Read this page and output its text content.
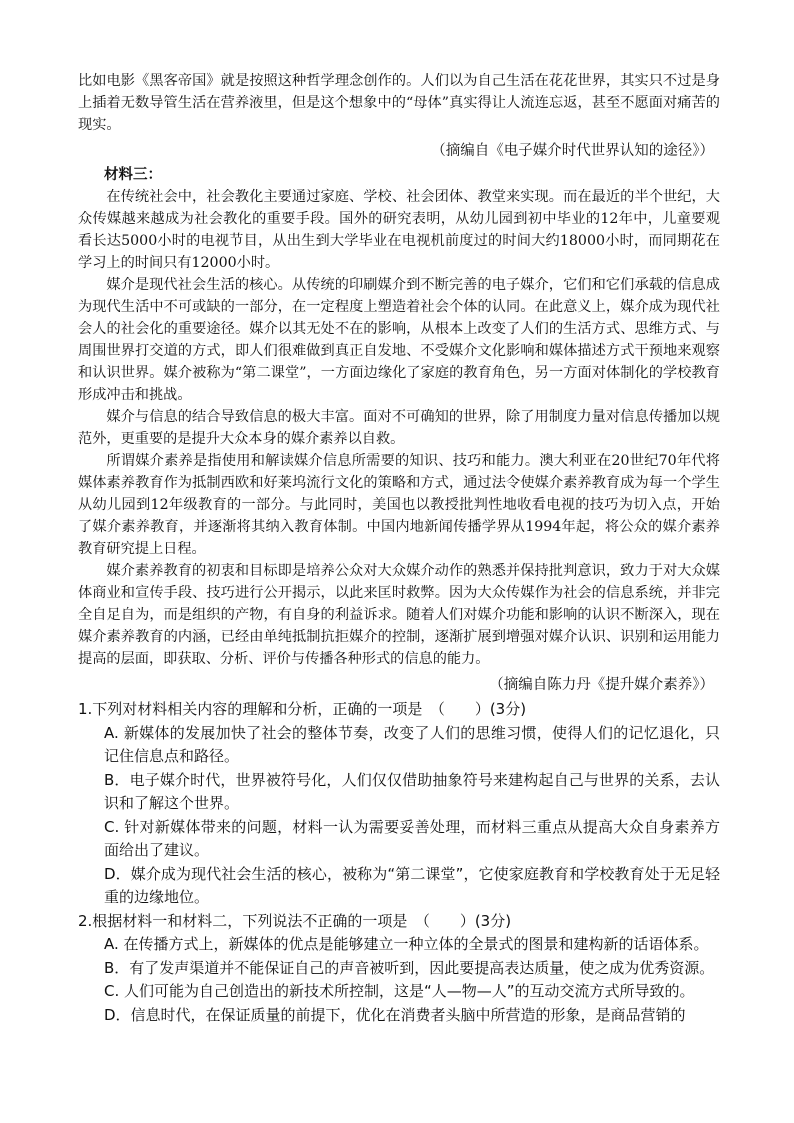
比如电影《黑客帝国》就是按照这种哲学理念创作的。人们以为自己生活在花花世界，其实只不过是身上插着无数导管生活在营养液里，但是这个想象中的“母体”真实得让人流连忘返，甚至不愿面对痛苦的现实。

（摘编自《电子媒介时代世界认知的途径》）
材料三：

在传统社会中，社会教化主要通过家庭、学校、社会团体、教堂来实现。而在最近的半个世纪，大众传媒越来越成为社会教化的重要手段。国外的研究表明，从幼儿园到初中毕业的12年中，儿童要观看长达5000小时的电视节目，从出生到大学毕业在电视机前度过的时间大约18000小时，而同期花在学习上的时间只有12000小时。

媒介是现代社会生活的核心。从传统的印刷媒介到不断完善的电子媒介，它们和它们承载的信息成为现代生活中不可或缺的一部分，在一定程度上塑造着社会个体的认同。在此意义上，媒介成为现代社会人的社会化的重要途径。媒介以其无处不在的影响，从根本上改变了人们的生活方式、思维方式、与周围世界打交道的方式，即人们很难做到真正自发地、不受媒介文化影响和媒体描述方式干预地来观察和认识世界。媒介被称为“第二课堂”，一方面边缘化了家庭的教育角色，另一方面对体制化的学校教育形成冲击和挑战。

媒介与信息的结合导致信息的极大丰富。面对不可确知的世界，除了用制度力量对信息传播加以规范外，更重要的是提升大众本身的媒介素养以自救。

所谓媒介素养是指使用和解读媒介信息所需要的知识、技巧和能力。澳大利亚在20世纪70年代将媒体素养教育作为抵制西欧和好莱坞流行文化的策略和方式，通过法令使媒介素养教育成为每一个学生从幼儿园到12年级教育的一部分。与此同时，美国也以教授批判性地收看电视的技巧为切入点，开始了媒介素养教育，并逐渐将其纳入教育体制。中国内地新闻传播学界从1994年起，将公众的媒介素养教育研究提上日程。

媒介素养教育的初衷和目标即是培养公众对大众媒介动作的熟悉并保持批判意识，致力于对大众媒体商业和宣传手段、技巧进行公开揭示，以此来匡时救弊。因为大众传媒作为社会的信息系统，并非完全自足自为，而是组织的产物，有自身的利益诉求。随着人们对媒介功能和影响的认识不断深入，现在媒介素养教育的内涵，已经由单纯抵制抗拒媒介的控制，逐渐扩展到增强对媒介认识、识别和运用能力提高的层面，即获取、分析、评价与传播各种形式的信息的能力。

（摘编自陈力丹《提升媒介素养》）

1.下列对材料相关内容的理解和分析，正确的一项是　（　　）(3分)

A. 新媒体的发展加快了社会的整体节奏，改变了人们的思维习惯，使得人们的记忆退化，只记住信息点和路径。

B．电子媒介时代，世界被符号化，人们仅仅借助抽象符号来建构起自己与世界的关系，去认识和了解这个世界。

C. 针对新媒体带来的问题，材料一认为需要妥善处理，而材料三重点从提高大众自身素养方面给出了建议。

D．媒介成为现代社会生活的核心，被称为“第二课堂”，它使家庭教育和学校教育处于无足轻重的边缘地位。

2.根据材料一和材料二，下列说法不正确的一项是　（　　）(3分)

A. 在传播方式上，新媒体的优点是能够建立一种立体的全景式的图景和建构新的话语体系。

B．有了发声渠道并不能保证自己的声音被听到，因此要提高表达质量，使之成为优秀资源。

C. 人们可能为自己创造出的新技术所控制，这是“人—物—人”的互动交流方式所导致的。

D．信息时代，在保证质量的前提下，优化在消费者头脑中所营造的形象，是商品营销的
